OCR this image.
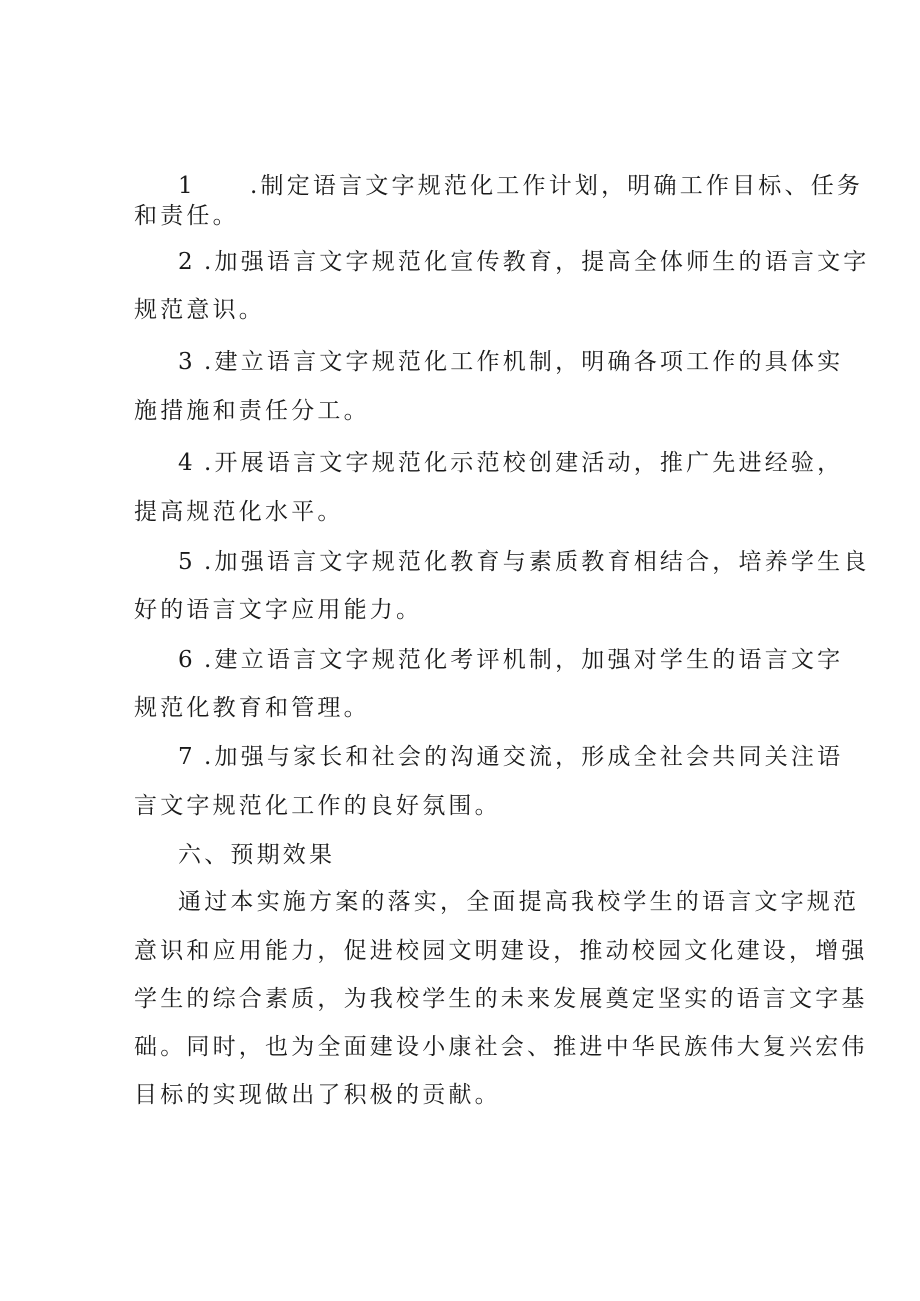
1 .制定语言文字规范化工作计划，明确工作目标、任务
和责任。
2 .加强语言文字规范化宣传教育，提高全体师生的语言文字
规范意识。
3 .建立语言文字规范化工作机制，明确各项工作的具体实
施措施和责任分工。
4 .开展语言文字规范化示范校创建活动，推广先进经验，
提高规范化水平。
5 .加强语言文字规范化教育与素质教育相结合，培养学生良
好的语言文字应用能力。
6 .建立语言文字规范化考评机制，加强对学生的语言文字
规范化教育和管理。
7 .加强与家长和社会的沟通交流，形成全社会共同关注语
言文字规范化工作的良好氛围。
六、预期效果
通过本实施方案的落实，全面提高我校学生的语言文字规范
意识和应用能力，促进校园文明建设，推动校园文化建设，增强
学生的综合素质，为我校学生的未来发展奠定坚实的语言文字基
础。同时，也为全面建设小康社会、推进中华民族伟大复兴宏伟
目标的实现做出了积极的贡献。
